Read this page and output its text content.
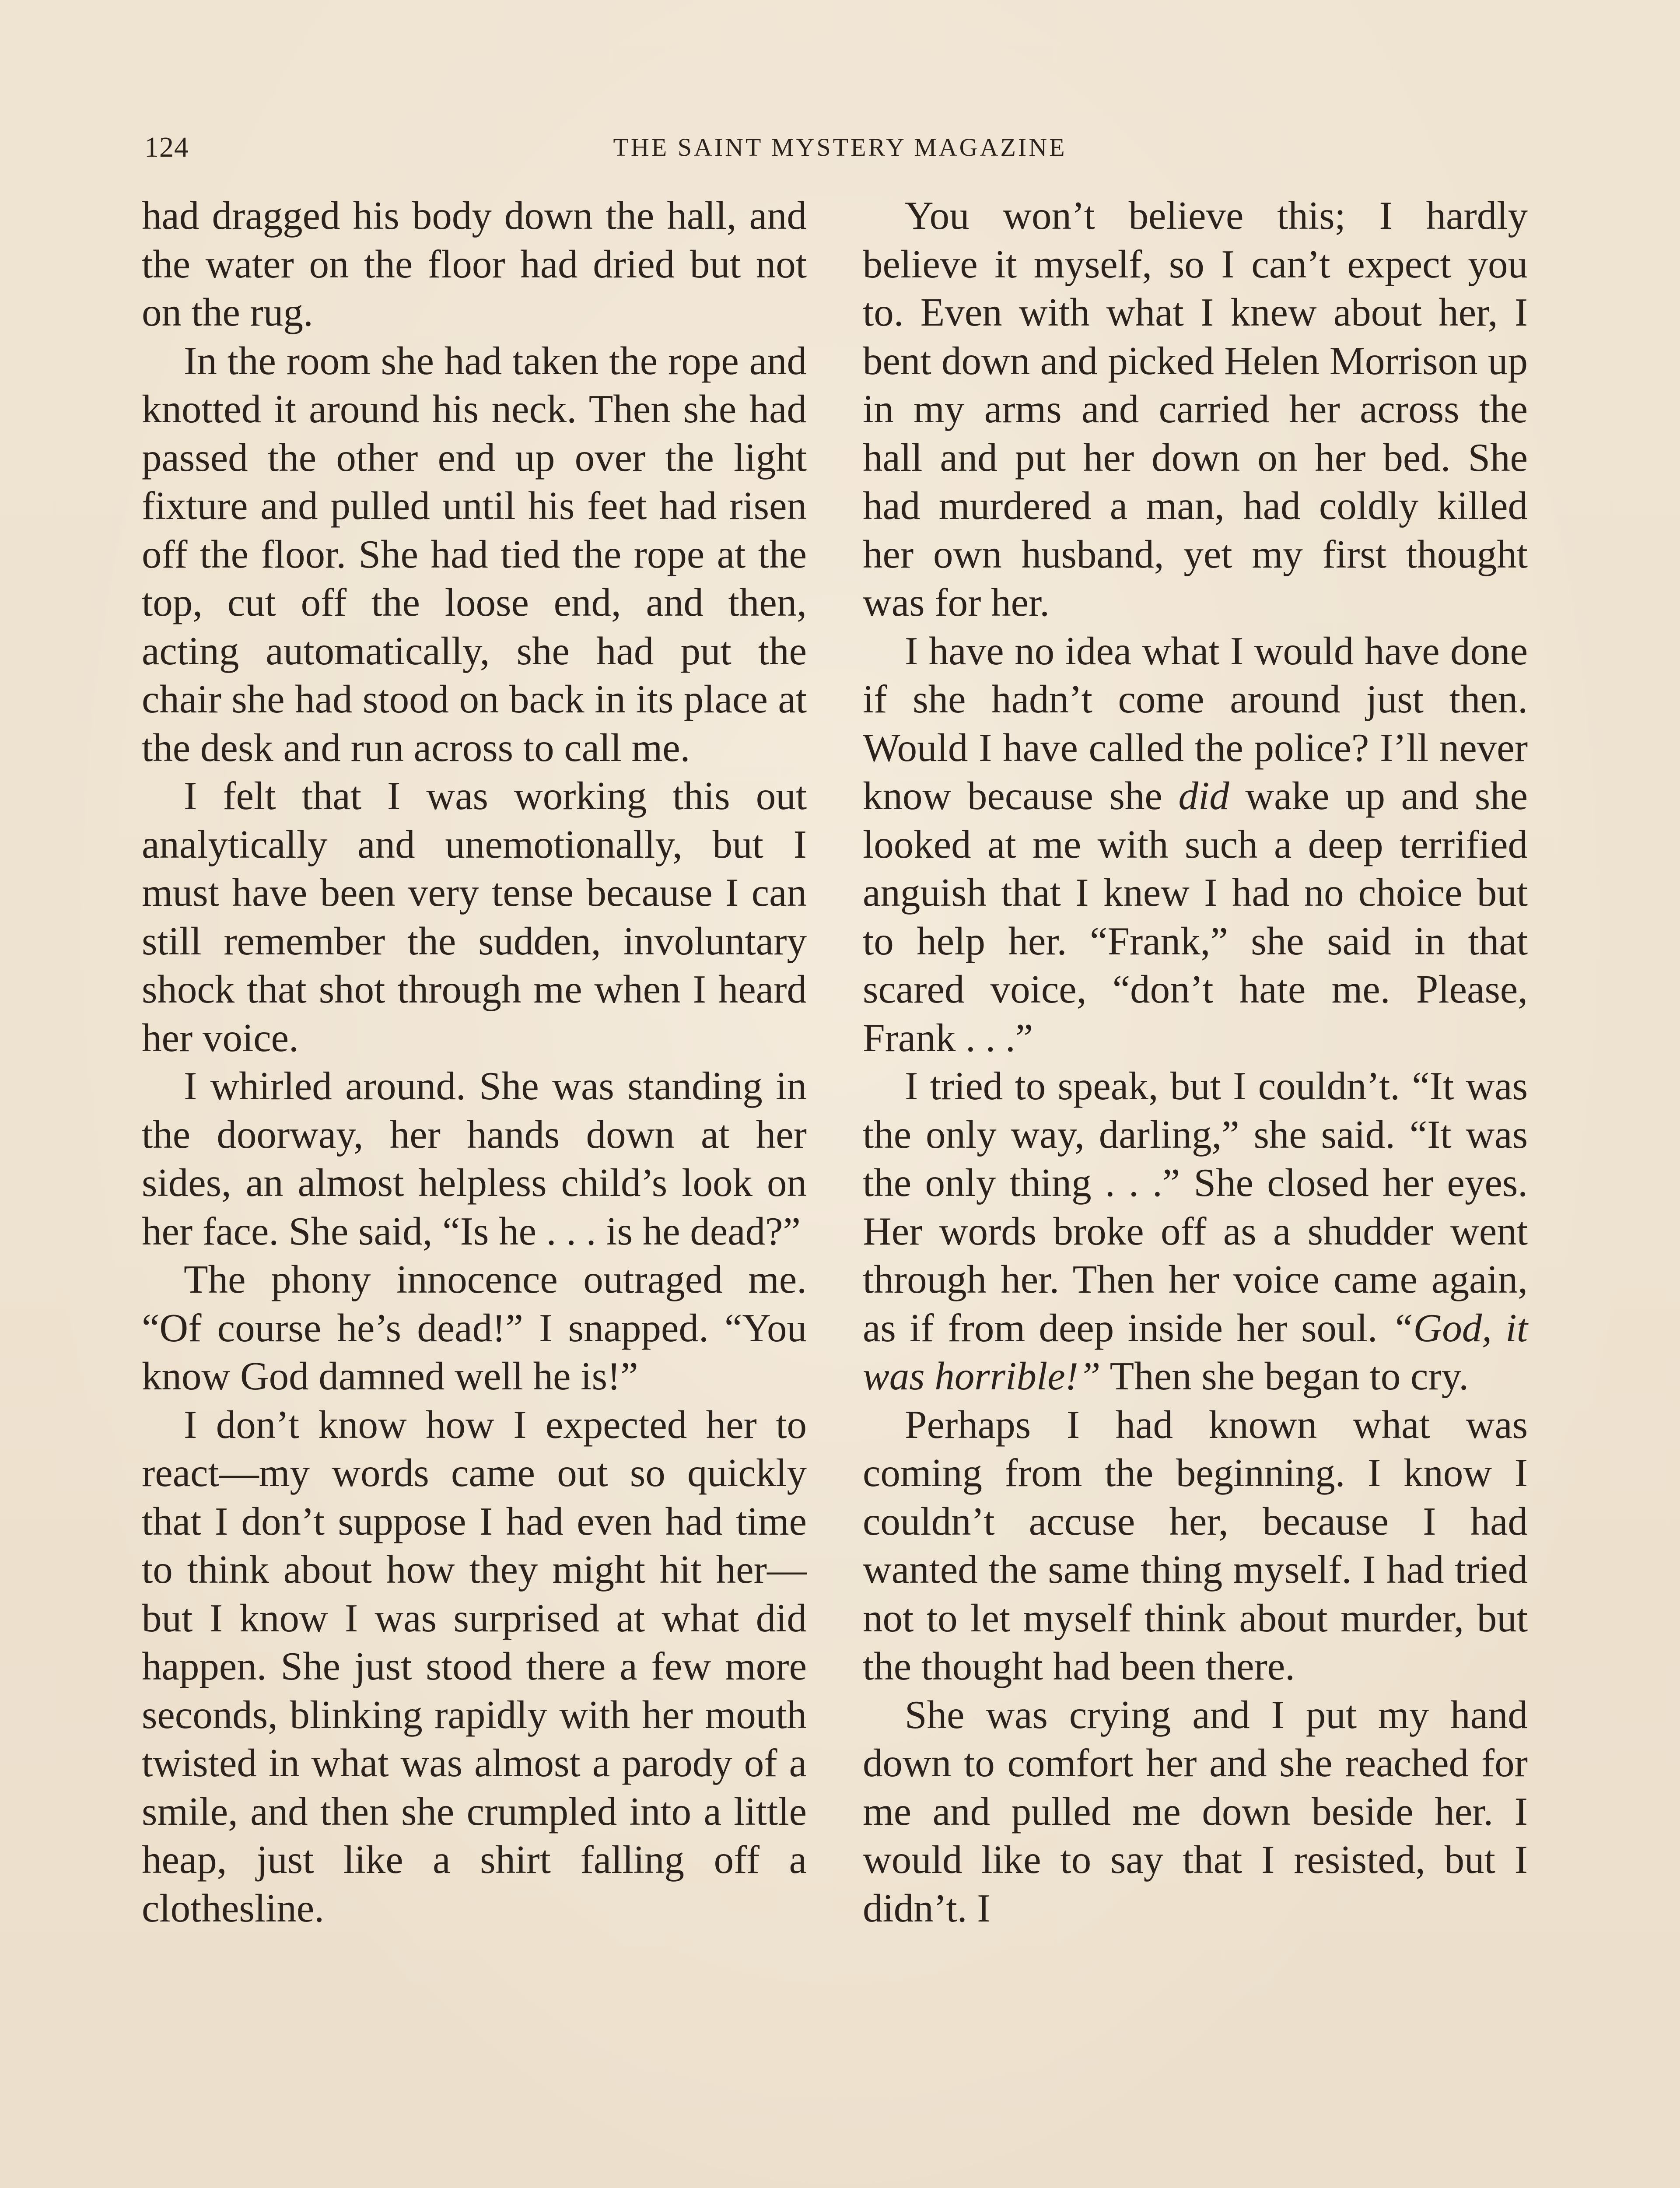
124	THE SAINT MYSTERY MAGAZINE

had dragged his body down the hall, and the water on the floor had dried but not on the rug.

In the room she had taken the rope and knotted it around his neck. Then she had passed the other end up over the light fixture and pulled until his feet had risen off the floor. She had tied the rope at the top, cut off the loose end, and then, acting automatically, she had put the chair she had stood on back in its place at the desk and run across to call me.

I felt that I was working this out analytically and unemotionally, but I must have been very tense because I can still remember the sudden, involuntary shock that shot through me when I heard her voice.

I whirled around. She was standing in the doorway, her hands down at her sides, an almost helpless child’s look on her face. She said, “Is he . . . is he dead?”

The phony innocence outraged me. “Of course he’s dead!” I snapped. “You know God damned well he is!”

I don’t know how I expected her to react—my words came out so quickly that I don’t suppose I had even had time to think about how they might hit her—but I know I was surprised at what did happen. She just stood there a few more seconds, blinking rapidly with her mouth twisted in what was almost a parody of a smile, and then she crumpled into a little heap, just like a shirt falling off a clothesline.

You won’t believe this; I hardly believe it myself, so I can’t expect you to. Even with what I knew about her, I bent down and picked Helen Morrison up in my arms and carried her across the hall and put her down on her bed. She had murdered a man, had coldly killed her own husband, yet my first thought was for her.

I have no idea what I would have done if she hadn’t come around just then. Would I have called the police? I’ll never know because she did wake up and she looked at me with such a deep terrified anguish that I knew I had no choice but to help her. “Frank,” she said in that scared voice, “don’t hate me. Please, Frank . . .”

I tried to speak, but I couldn’t. “It was the only way, darling,” she said. “It was the only thing . . .” She closed her eyes. Her words broke off as a shudder went through her. Then her voice came again, as if from deep inside her soul. “God, it was horrible!” Then she began to cry.

Perhaps I had known what was coming from the beginning. I know I couldn’t accuse her, because I had wanted the same thing myself. I had tried not to let myself think about murder, but the thought had been there.

She was crying and I put my hand down to comfort her and she reached for me and pulled me down beside her. I would like to say that I resisted, but I didn’t. I
